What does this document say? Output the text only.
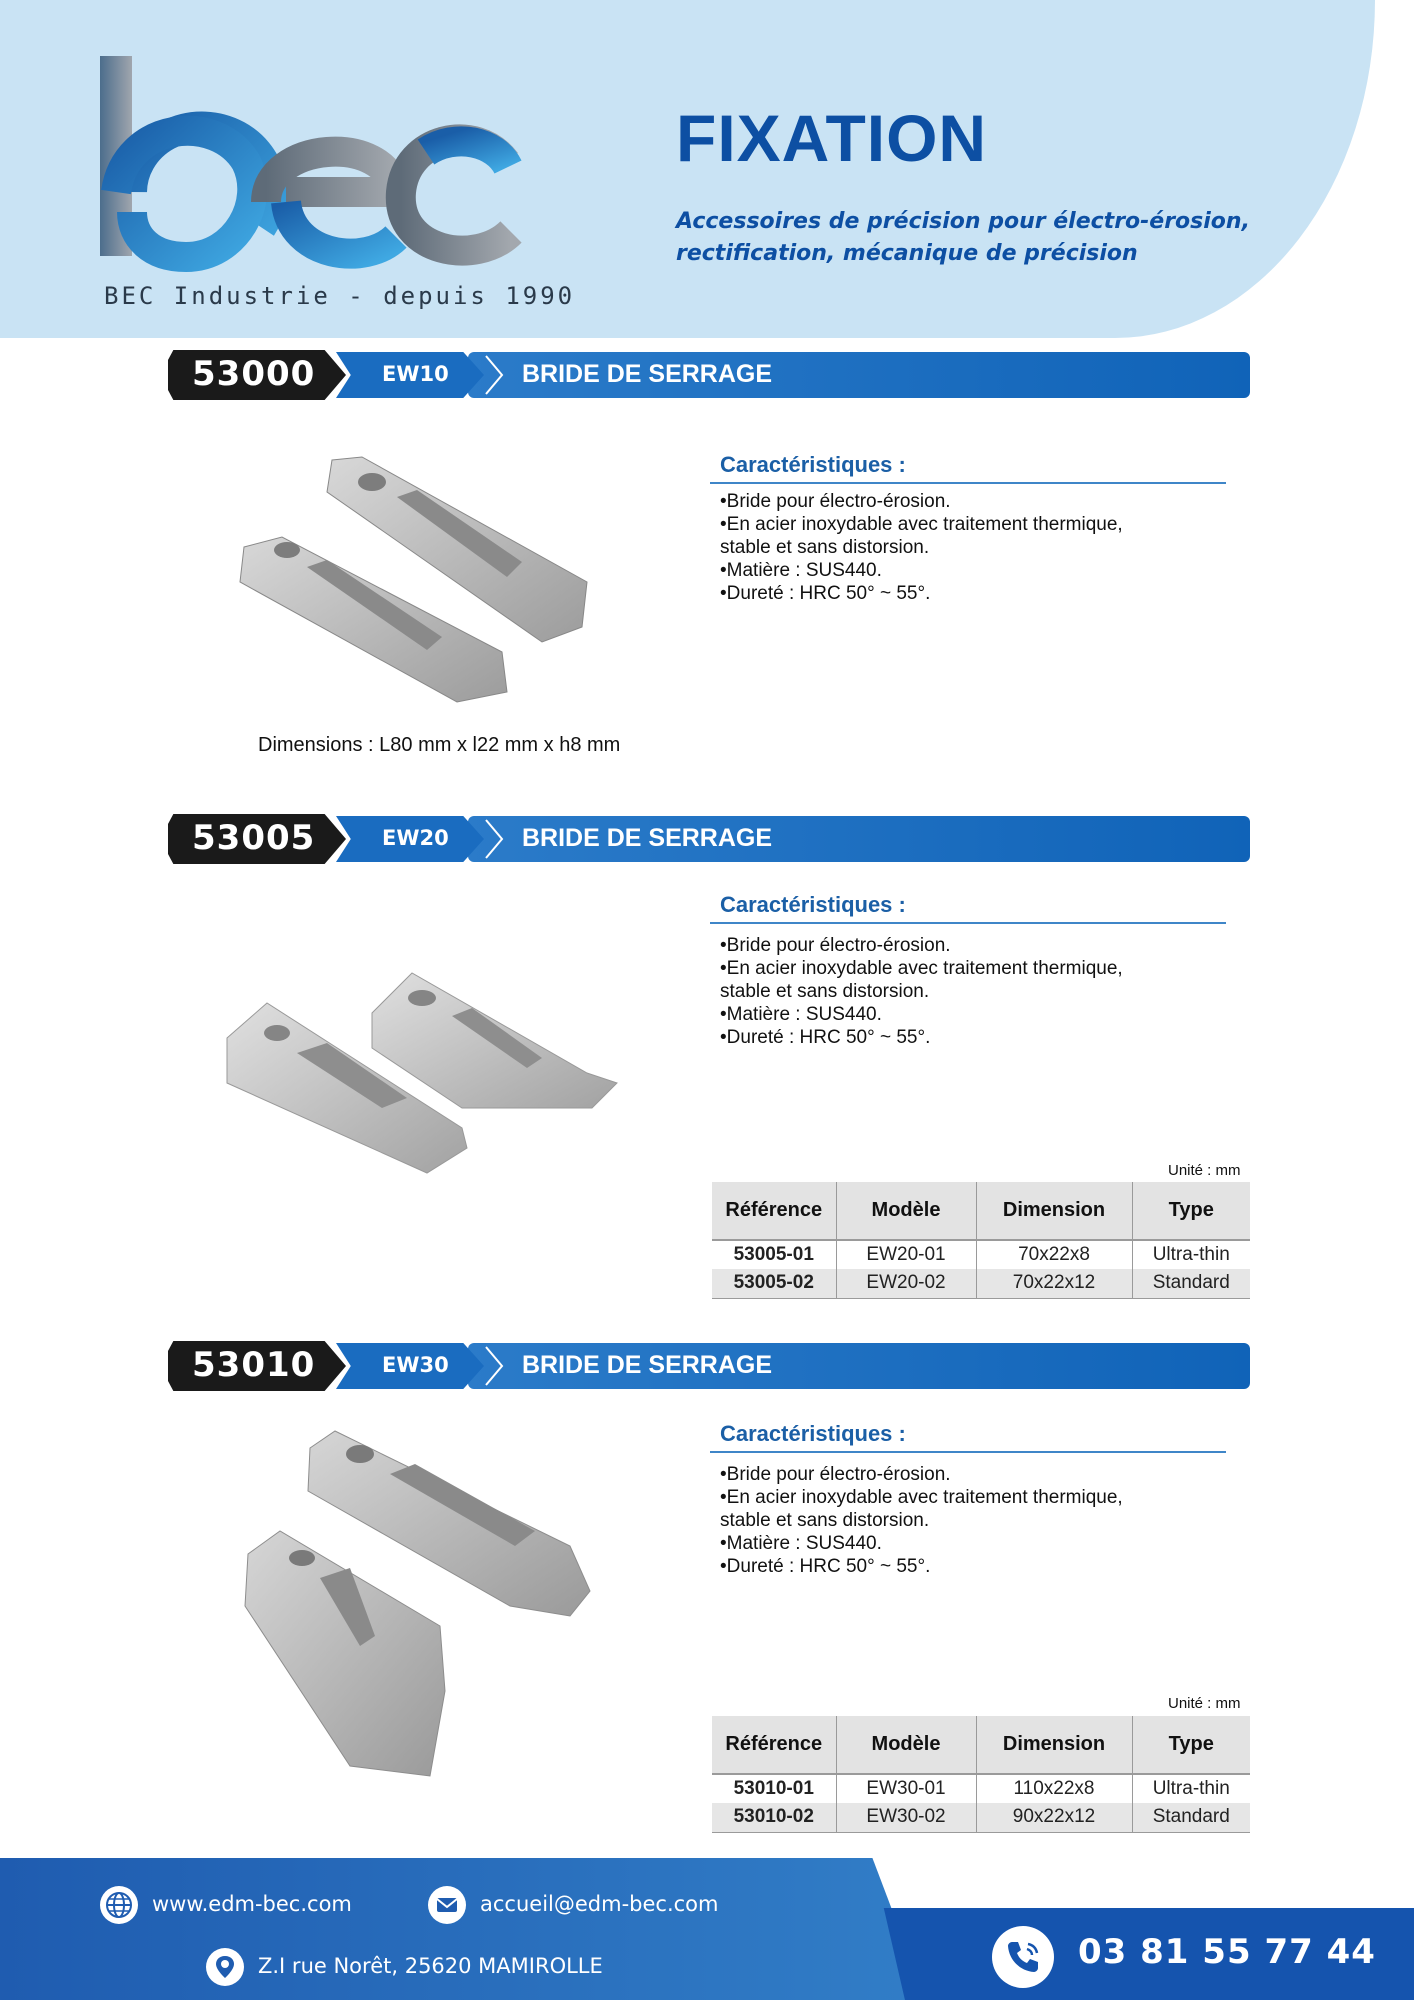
BEC Industrie - depuis 1990
FIXATION
Accessoires de précision pour électro-érosion,
rectification, mécanique de précision
53000	EW10	BRIDE DE SERRAGE
Dimensions : L80 mm x l22 mm x h8 mm
Caractéristiques :
•Bride pour électro-érosion.
•En acier inoxydable avec traitement thermique,
stable et sans distorsion.
•Matière : SUS440.
•Dureté : HRC 50° ~ 55°.
53005	EW20	BRIDE DE SERRAGE
Caractéristiques :
•Bride pour électro-érosion.
•En acier inoxydable avec traitement thermique,
stable et sans distorsion.
•Matière : SUS440.
•Dureté : HRC 50° ~ 55°.
Unité : mm
Référence	Modèle	Dimension	Type
53005-01	EW20-01	70x22x8	Ultra-thin
53005-02	EW20-02	70x22x12	Standard
53010	EW30	BRIDE DE SERRAGE
Caractéristiques :
•Bride pour électro-érosion.
•En acier inoxydable avec traitement thermique,
stable et sans distorsion.
•Matière : SUS440.
•Dureté : HRC 50° ~ 55°.
Unité : mm
Référence	Modèle	Dimension	Type
53010-01	EW30-01	110x22x8	Ultra-thin
53010-02	EW30-02	90x22x12	Standard
www.edm-bec.com	accueil@edm-bec.com
Z.I rue Norêt, 25620 MAMIROLLE	03 81 55 77 44
